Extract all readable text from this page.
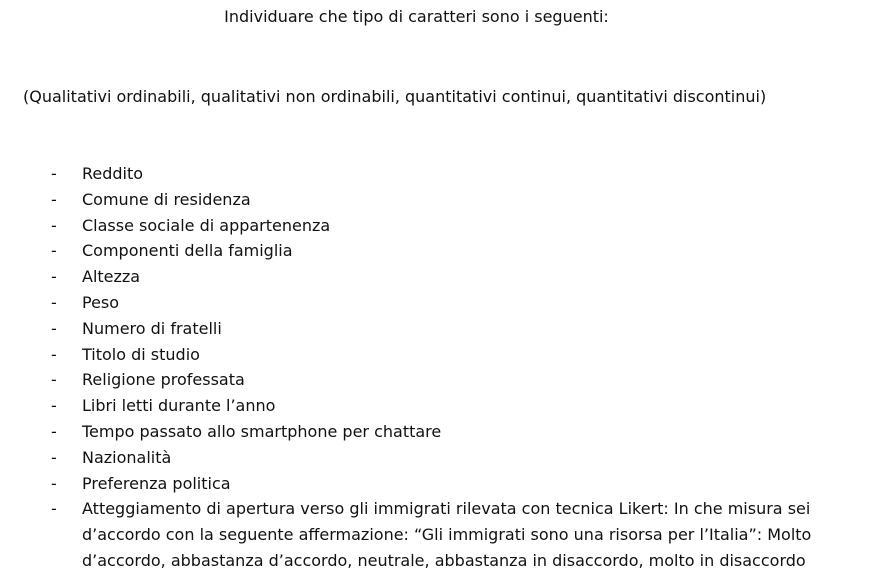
Individuare che tipo di caratteri sono i seguenti:
(Qualitativi ordinabili, qualitativi non ordinabili, quantitativi continui, quantitativi discontinui)
- Reddito
- Comune di residenza
- Classe sociale di appartenenza
- Componenti della famiglia
- Altezza
- Peso
- Numero di fratelli
- Titolo di studio
- Religione professata
- Libri letti durante l’anno
- Tempo passato allo smartphone per chattare
- Nazionalità
- Preferenza politica
- Atteggiamento di apertura verso gli immigrati rilevata con tecnica Likert: In che misura sei d’accordo con la seguente affermazione: “Gli immigrati sono una risorsa per l’Italia”: Molto d’accordo, abbastanza d’accordo, neutrale, abbastanza in disaccordo, molto in disaccordo
